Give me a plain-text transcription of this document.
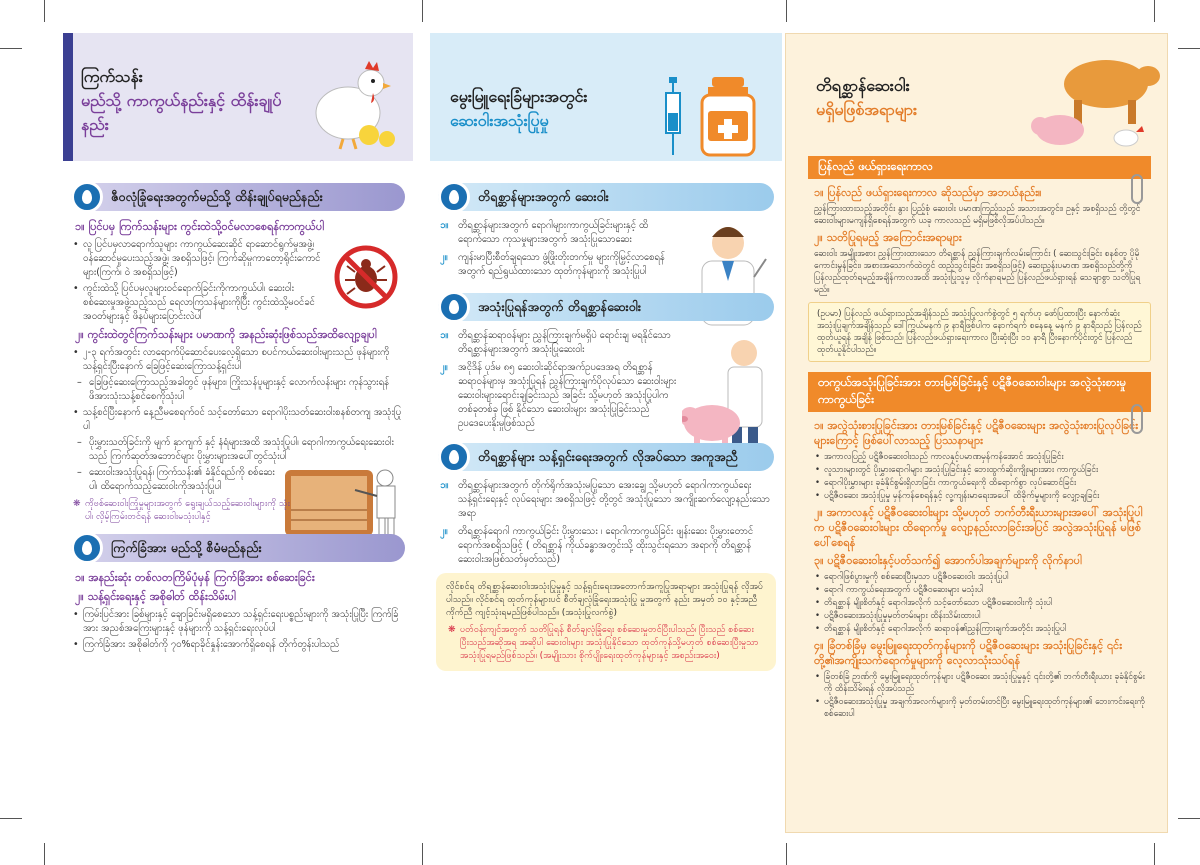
ကြက်သန်း
မည်သို့ ကာကွယ်နည်းနှင့် ထိန်းချုပ်နည်း
ဇီဝလုံခြုံရေးအတွက်မည်သို့ ထိန်းချုပ်ရမည်နည်း
၁။ ပြင်ပမှ ကြက်သန်းများ ကွင်းထဲသို့ဝင်မလာစေရန်ကာကွယ်ပါ
• လူ ပြင်ပမှလာရောက်သူများ ကာကွယ်ဆေးဆိုင် ရာဆောင်ရွက်မှုအဖွဲ့၊ ဝန်ဆောင်မှုပေးသည့်အဖွဲ့၊ အစရှိသဖြင့်၊ ကြက်ဆိုမှုကာတော့ရိုင်းကောင်များ(ကြက်၊ ဝဲ အစရှိသဖြင့်)
• ကွင်းထဲသို့ ပြင်ပမှလူများဝင်ရောက်ခြင်းကိုကာကွယ်ပါ၊ ဆေးဝါးစစ်ဆေးမှုအဖွဲ့သည့်သည် ရေလာကြသန်များကိုပြီး ကွင်းထဲသို့မဝင်ခင် အဝတ်များနှင့် ဖိနပ်များပြောင်းလဲပါ
၂။ ကွင်းထဲတွင်ကြက်သန်းများ ပမာဏကို အနည်းဆုံးဖြစ်သည်အထိလျော့ချပါ
• ၂-၃ ရက်အတွင်း လာရောက်ပိုဆောင်ပေးလေ့ရှိသော စပင်ကယ်ဆေးဝါးများသည် ဖုန်များကို သန့်ရှင်းပြီးနောက် ခြေဖြင့်ဆေးကြောသန့်ရှင်းပါ
– ခြေဖြင့်ဆေးကြောသည့်အခါတွင် ဖုန်များ၊ ကြိုးသန်ပူများနှင့် လောက်လန်းများ ကုန်သွားရန် ဖိအားသုံးသန့်စင်စေကိုသုံးပါ
• သန့်စင်ပြီးနောက် နေ့ညီမစေရက်ဝင် သင့်တော်သော ရောဂါပိုးသတ်ဆေးဝါးစနစ်တကျ အသုံးပြုပါ
– ပိုးမွှားသတ်ခြင်းကို မျက် နှာကျက် နှင့် နံရံများအထိ အသုံးပြုပါ၊ ရောဂါကာကွယ်ရေးဆေးဝါးသည် ကြက်ဆုတ်အဘောင်များ ပိုးမွှားများအပေါ်တွင်သုံးပါ
– ဆေးဝါးအသုံးပြုရန်၊ ကြက်သန်း၏ ခံနိုင်ရည်ကို စစ်ဆေးပါ၊ ထိရောက်သည့်ဆေးဝါးကိုအသုံးပြုပါ
❋ ကိုဗစ်ဆေးဝါးကြုံမှုများအတွက် ရွေးချယ်သည့်ဆေးဝါးများကို သုံးပါ၊ လှိမ့်ကြမ်းတင်ရန် ဆေးဝါးမသုံးပါနှင့်
ကြက်ခြံအား မည်သို့ စီမံမည်နည်း
၁။ အနည်းဆုံး တစ်လတကြိမ်ပုံမှန် ကြက်ခြံအား စစ်ဆေးခြင်း
၂။ သန့်ရှင်းရေးနှင့် အစိုဓါတ် ထိန်းသိမ်းပါ
• ကြမ်းပြင်အား ခြစ်များနှင့် ချောခြင်းမရှိစေသော သန့်ရှင်းရေးပစ္စည်းများကို အသုံးပြုပြီး ကြက်ခြံအား အညစ်အကြေးများနှင့် ဖုန်များကို သန့်ရှင်းရေးလုပ်ပါ
• ကြက်ခြံအား အစိုဓါတ်ကို ၇၀%ရာခိုင်နှုန်းအောက်ရှိစေရန် တိုက်တွန်းပါသည်
မွေးမြူရေးခြံများအတွင်း
ဆေးဝါးအသုံးပြုမှု
တိရစ္ဆာန်များအတွက် ဆေးဝါး
၁။ တိရစ္ဆာန်များအတွက် ရောဂါများကာကွယ်ခြင်းများနှင့် ထိရောက်သော ကုသမှုများအတွက် အသုံးပြုသောဆေး
၂။ ကျန်းမာပြီးစီတ်ချရသော ဖွံ့ဖြိုးတိုးတက်မှု များကိုမြှင့်လာစေရန်အတွက် ရည်ရွယ်ထားသော ထုတ်ကုန်များကို အသုံးပြုပါ
အသုံးပြုရန်အတွက် တိရစ္ဆာန်ဆေးဝါး
၁။ တိရစ္ဆာန်ဆရာဝန်များ ညွှန်ကြားချက်မရှိပဲ ရောင်းချ မရနိုင်သော တိရစ္ဆာန်များအတွက် အသုံးပြုဆေးဝါး
၂။ အငိုဒိန် ပုဒ်မ ၈၅ ဆေးဝါးဆိုင်ရာအက်ဥပဒေအရ တိရစ္ဆာန်ဆရာဝန်များမှ အသုံးပြုရန် ညွှန်ကြားချက်ပိုလုပ်သော ဆေးဝါးများ ဆေးဝါးများရောင်းချခြင်းသည် အခြင်း သို့မဟုတ် အသုံးပြုပါက တစ်ခုတစ်ခု ဖြစ် နိုင်သော ဆေးဝါးများ အသုံးပြုခြင်းသည် ဥပဒေပေးနိုးမှုဖြစ်သည်
တိရစ္ဆာန်များ သန့်ရှင်းရေးအတွက် လိုအပ်သော အကူအညီ
၁။ တိရစ္ဆာန်များအတွက် တိုက်ရိုက်အသုံးမပြုသော အေးချွေ သို့မဟုတ် ရောဂါကာကွယ်ရေး သန့်ရှင်းရေးနှင့် လုပ်ရေးများ အစရှိသဖြင့် တို့တွင် အသုံးပြုသော အကျိုးဆက်လျော့နည်းသော အရာ
၂။ တိရစ္ဆာန်ရောဂါ ကာကွယ်ခြင်း ပိုးမွှားသေး ၊ ရောဂါကာကွယ်ခြင်း ဖျန်းဆေး ပိုးမွှားတောင်ရောက်အစရှိသဖြင့် ( တိရစ္ဆာန် ကိုယ်ခန္ဓာအတွင်းသို့ ထိုးသွင်းရသော အရာကို တိရစ္ဆာန်ဆေးဝါးအဖြစ်သတ်မှတ်သည်)
လိုင်စင်ရ တိရစ္ဆာန်ဆေးဝါးအသုံးပြုမှုနှင့် သန့်ရှင်းရေးအတောက်အကူပြုအရာများ အသုံးပြုရန် လိုအပ်ပါသည်။ လိုင်စင်ရ ထုတ်ကုန်များပင် စီတ်ချလုံခြုံရေးအသုံးပြု မှုအတွက် နည်း အမှတ် ၁၀ နှင့်အညီကိုက်ညီ ကျင့်သုံးရမည်ဖြစ်ပါသည်။ (အသုံးပြုလက်စွဲ)
❋ ပတ်ဝန်းကျင်အတွက် သတိပြုရန် စီတ်ချလုံခြုံရေး စစ်ဆေးမှုတင်ပြီးပါသည်၊ ပြီးသည် စစ်ဆေးပြီးသည်အဆိုအရ အဆိုပါ ဆေးဝါးများ အသုံးပြုနိုင်သော ထုတ်ကုန်သို့မဟုတ် စစ်ဆေးပြီးမှုသာ အသုံးပြုရမည်ဖြစ်သည်။ (အမျိုးသား စိုက်ပျိုးရေးထုတ်ကုန်များနှင့် အစည်းအဝေး)
တိရစ္ဆာန်ဆေးဝါး
မရှိမဖြစ်အရာများ
ပြန်လည် ဖယ်ရှားရေးကာလ
၁။ ပြန်လည် ဖယ်ရှားရေးကာလ ဆိုသည်မှာ အဘယ်နည်း။
ညွှန်ကြားထားသည့်အတိုင်း နွား ပြည့်စုံ ဆေးဝါး ပမာဏကြည့်သည် အသားအတွင်း၊ ဥနှင့် အစရှိသည် တို့တွင် ဆေးဝါးများမကျန်ရှိစေရန်အတွက် ယခု ကာလသည် မရှိမဖြစ်လိုအပ်ပါသည်။
၂။ သတိပြုရမည့် အကြောင်းအရာများ
ဆေးဝါး အမျိုးအစား ညွှန်ကြားထားသော တိရစ္ဆာန် ညွှန်ကြားချက်လမ်းကြောင်း ( ဆေးသွင်းခြင်း စနစ်တူ ပိုမိုကောင်းမွန်ခြင်း၊ အစားအသောက်ထဲတွင် ထည့်သွင်းခြင်း အစရှိသဖြင့်) ဆေးညွှန်းပမာဏ အစရှိသည်တို့ကို ပြန်လည်ထုတ်ရမည့်အချိန်ကာလအထိ အသုံးပြုသူမှ လိုက်နာရမည် ပြန်လည်ဖယ်ရှားရန် သေချာစွာ သတိပြုရမည်။
(ဥပမာ) ပြန်လည် ဖယ်ရှားသည့်အချိန်သည် အသုံးပြုလက်စွဲတွင် ၅ ရက်ဟု ဖော်ပြထားပြီး နောက်ဆုံးအသုံးပြုချက်အချိန်သည် ဒေါ်ကြွယ်မနက် ၉ နာရီဖြစ်ပါက နောက်ရက် စနေနေ့ မနက် ၉ နာရီသည် ပြန်လည် ထုတ်ယူရန် အချိန် ဖြစ်သည်၊ ပြန်လည်ဖယ်ရှားရေးကာလ ပြီးဆုံးပြီး ၁၁ နာရီ ပြီးနောက်ပိုင်းတွင် ပြန်လည်ထုတ်ယူနိုင်ပါသည်။
တကွယ်အသုံးပြုခြင်းအား တားမြစ်ခြင်းနှင့် ပဋိဇီဝဆေးဝါးများ အလွဲသုံးစားမှုကာကွယ်ခြင်း
၁။ အလွဲသုံးစားပြုခြင်းအား တားမြစ်ခြင်းနှင့် ပဋိဇီဝဆေးများ အလွဲသုံးစားပြုလုပ်ခြင်းများကြောင့် ဖြစ်ပေါ်လာသည့် ပြဿနာများ
• အကာလပြည့် ပဋိဇီဝဆေးဝါးသည် ကာလနှင့်ပမာဏမှန်ကန်အောင် အသုံးပြုခြင်း
• လူသားများတွင် ပိုးမွှားရောဂါများ အသုံးပြုခြင်းနှင့် ဘေးထွက်ဆိုးကျိုးများအား ကာကွယ်ခြင်း
• ရောဂါပိုးမွှားများ ခုခံနိုင်စွမ်းရှိလာခြင်း ကာကွယ်ရေးကို ထိရောက်စွာ လုပ်ဆောင်ခြင်း
• ပဋိဇီဝဆေး အသုံးပြုမှု မှန်ကန်စေရန်နှင့် လူ့ကျန်းမာရေးအပေါ် ထိခိုက်မှုများကို လျှော့ချခြင်း
၂။ အကာလနှင့် ပဋိဇီဝဆေးဝါးများ သို့မဟုတ် ဘက်တီးရီးယားများအပေါ် အသုံးပြုပါက ပဋိဇီဝဆေးဝါးများ ထိရောက်မှု လျော့နည်းလာခြင်းအပြင် အလွဲအသုံးပြုရန် မဖြစ်ပေါ်စေရန်
၃။ ပဋိဇီဝဆေးဝါးနှင့်ပတ်သက်၍ အောက်ပါအချက်များကို လိုက်နာပါ
• ရောဂါဖြစ်ပွားမှုကို စစ်ဆေးပြီးမှသာ ပဋိဇီဝဆေးဝါး အသုံးပြုပါ
• ရောဂါ ကာကွယ်ရေးအတွက် ပဋိဇီဝဆေးများ မသုံးပါ
• တိရစ္ဆာန် မျိုးစိတ်နှင့် ရောဂါအလိုက် သင့်တော်သော ပဋိဇီဝဆေးဝါးကို သုံးပါ
• ပဋိဇီဝဆေးအသုံးပြုမှုမှတ်တမ်းများ ထိန်းသိမ်းထားပါ
• တိရစ္ဆာန် မျိုးစိတ်နှင့် ရောဂါအလိုက် ဆရာဝန်၏ညွှန်ကြားချက်အတိုင်း အသုံးပြုပါ
၄။ ခြံတစ်ခြံမှ မွေးမြူရေးထုတ်ကုန်များကို ပဋိဇီဝဆေးများ အသုံးပြုခြင်းနှင့် ၎င်းတို့၏အကျိုးသက်ရောက်မှုများကို လေ့လာသုံးသပ်ရန်
• ခြံတစ်ခြံ ဉာဏ်ကို မွေးမြူရေးထုတ်ကုန်များ ပဋိဇီဝဆေး အသုံးပြုမှုနှင့် ၎င်းတို့၏ ဘက်တီးရီးယား ခုခံနိုင်စွမ်းကို ထိန်းသိမ်းရန် လိုအပ်သည်
• ပဋိဇီဝဆေးအသုံးပြုမှု အချက်အလက်များကို မှတ်တမ်းတင်ပြီး မွေးမြူရေးထုတ်ကုန်များ၏ ဘေးကင်းရေးကို စစ်ဆေးပါ
